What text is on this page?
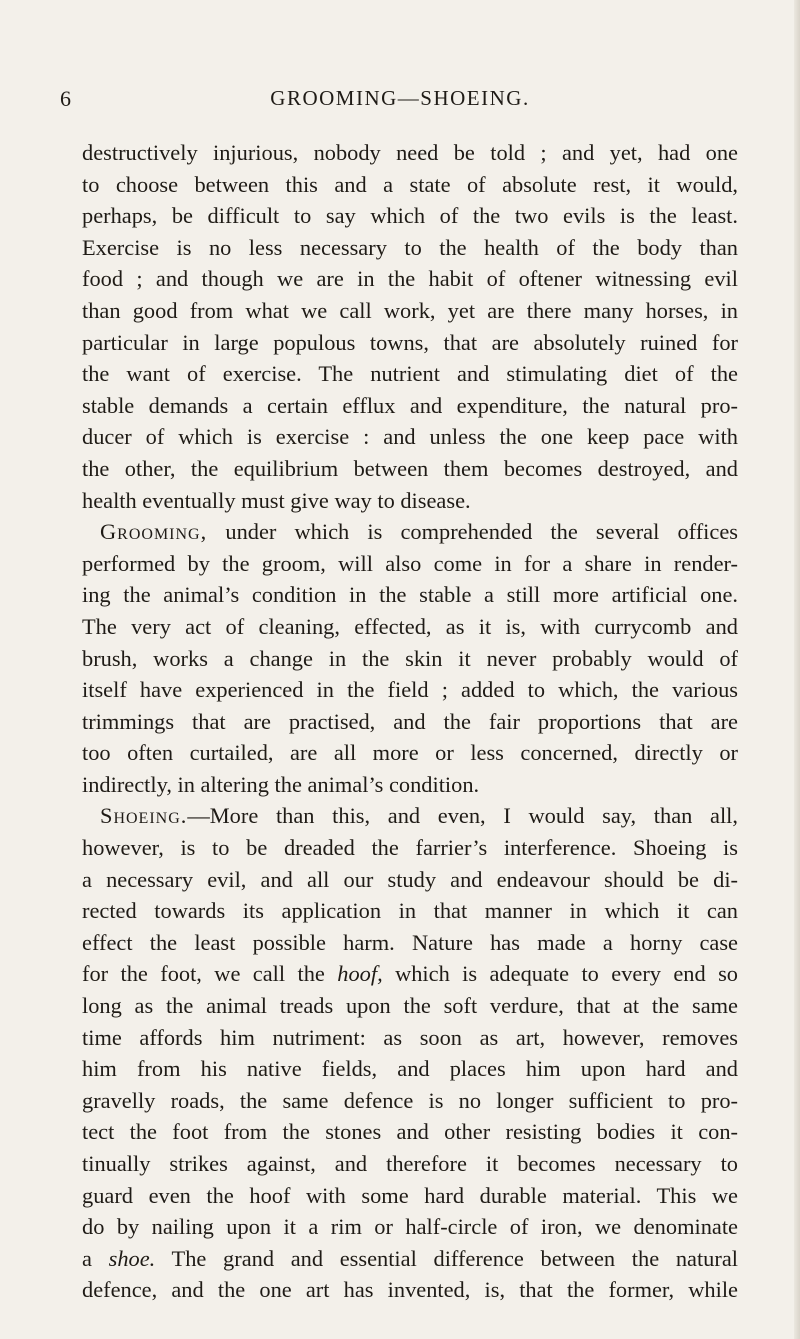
6	GROOMING—SHOEING.
destructively injurious, nobody need be told ; and yet, had one
to choose between this and a state of absolute rest, it would,
perhaps, be difficult to say which of the two evils is the least.
Exercise is no less necessary to the health of the body than
food ; and though we are in the habit of oftener witnessing evil
than good from what we call work, yet are there many horses, in
particular in large populous towns, that are absolutely ruined for
the want of exercise. The nutrient and stimulating diet of the
stable demands a certain efflux and expenditure, the natural pro-
ducer of which is exercise : and unless the one keep pace with
the other, the equilibrium between them becomes destroyed, and
health eventually must give way to disease.
Grooming, under which is comprehended the several offices
performed by the groom, will also come in for a share in render-
ing the animal’s condition in the stable a still more artificial one.
The very act of cleaning, effected, as it is, with currycomb and
brush, works a change in the skin it never probably would of
itself have experienced in the field ; added to which, the various
trimmings that are practised, and the fair proportions that are
too often curtailed, are all more or less concerned, directly or
indirectly, in altering the animal’s condition.
Shoeing.—More than this, and even, I would say, than all,
however, is to be dreaded the farrier’s interference. Shoeing is
a necessary evil, and all our study and endeavour should be di-
rected towards its application in that manner in which it can
effect the least possible harm. Nature has made a horny case
for the foot, we call the hoof, which is adequate to every end so
long as the animal treads upon the soft verdure, that at the same
time affords him nutriment: as soon as art, however, removes
him from his native fields, and places him upon hard and
gravelly roads, the same defence is no longer sufficient to pro-
tect the foot from the stones and other resisting bodies it con-
tinually strikes against, and therefore it becomes necessary to
guard even the hoof with some hard durable material. This we
do by nailing upon it a rim or half-circle of iron, we denominate
a shoe. The grand and essential difference between the natural
defence, and the one art has invented, is, that the former, while
